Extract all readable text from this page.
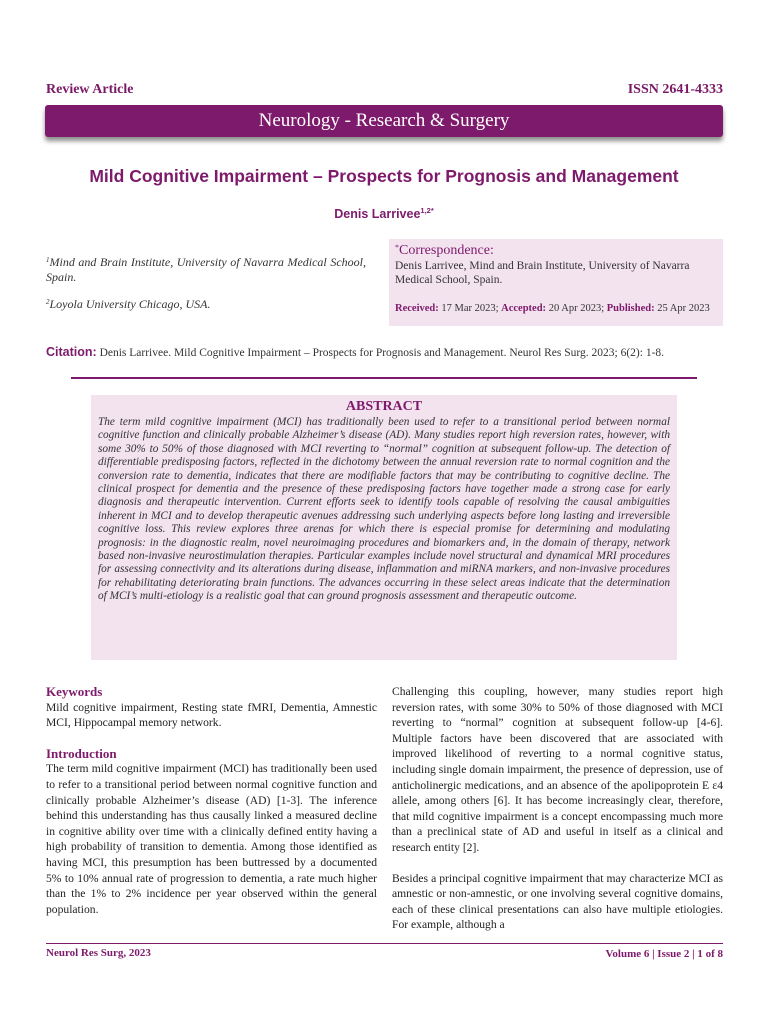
Review Article	ISSN 2641-4333
Neurology - Research & Surgery
Mild Cognitive Impairment – Prospects for Prognosis and Management
Denis Larrivee$^{1,2*}$
$^1$Mind and Brain Institute, University of Navarra Medical School, Spain.
$^2$Loyola University Chicago, USA.
*Correspondence:
Denis Larrivee, Mind and Brain Institute, University of Navarra Medical School, Spain.
Received: 17 Mar 2023; Accepted: 20 Apr 2023; Published: 25 Apr 2023
Citation: Denis Larrivee. Mild Cognitive Impairment – Prospects for Prognosis and Management. Neurol Res Surg. 2023; 6(2): 1-8.
ABSTRACT

The term mild cognitive impairment (MCI) has traditionally been used to refer to a transitional period between normal cognitive function and clinically probable Alzheimer’s disease (AD). Many studies report high reversion rates, however, with some 30% to 50% of those diagnosed with MCI reverting to “normal” cognition at subsequent follow-up. The detection of differentiable predisposing factors, reflected in the dichotomy between the annual reversion rate to normal cognition and the conversion rate to dementia, indicates that there are modifiable factors that may be contributing to cognitive decline. The clinical prospect for dementia and the presence of these predisposing factors have together made a strong case for early diagnosis and therapeutic intervention. Current efforts seek to identify tools capable of resolving the causal ambiguities inherent in MCI and to develop therapeutic avenues addressing such underlying aspects before long lasting and irreversible cognitive loss. This review explores three arenas for which there is especial promise for determining and modulating prognosis: in the diagnostic realm, novel neuroimaging procedures and biomarkers and, in the domain of therapy, network based non-invasive neurostimulation therapies. Particular examples include novel structural and dynamical MRI procedures for assessing connectivity and its alterations during disease, inflammation and miRNA markers, and non-invasive procedures for rehabilitating deteriorating brain functions. The advances occurring in these select areas indicate that the determination of MCI’s multi-etiology is a realistic goal that can ground prognosis assessment and therapeutic outcome.

Keywords

Mild cognitive impairment, Resting state fMRI, Dementia, Amnestic MCI, Hippocampal memory network.

Introduction

The term mild cognitive impairment (MCI) has traditionally been used to refer to a transitional period between normal cognitive function and clinically probable Alzheimer’s disease (AD) [1-3]. The inference behind this understanding has thus causally linked a measured decline in cognitive ability over time with a clinically defined entity having a high probability of transition to dementia. Among those identified as having MCI, this presumption has been buttressed by a documented 5% to 10% annual rate of progression to dementia, a rate much higher than the 1% to 2% incidence per year observed within the general population.

Challenging this coupling, however, many studies report high reversion rates, with some 30% to 50% of those diagnosed with MCI reverting to “normal” cognition at subsequent follow-up [4-6]. Multiple factors have been discovered that are associated with improved likelihood of reverting to a normal cognitive status, including single domain impairment, the presence of depression, use of anticholinergic medications, and an absence of the apolipoprotein E ε4 allele, among others [6]. It has become increasingly clear, therefore, that mild cognitive impairment is a concept encompassing much more than a preclinical state of AD and useful in itself as a clinical and research entity [2].

Besides a principal cognitive impairment that may characterize MCI as amnestic or non-amnestic, or one involving several cognitive domains, each of these clinical presentations can also have multiple etiologies. For example, although a

Neurol Res Surg, 2023	Volume 6 | Issue 2 | 1 of 8
